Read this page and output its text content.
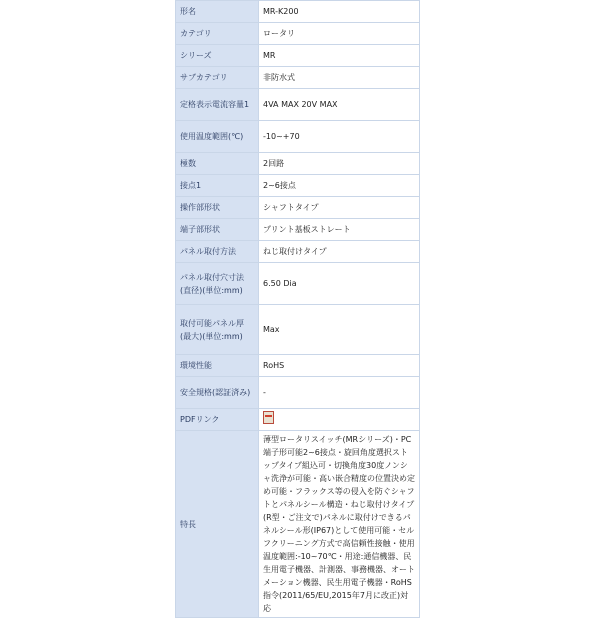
形名	MR-K200
カテゴリ	ロータリ
シリーズ	MR
サブカテゴリ	非防水式
定格表示電流容量1	4VA MAX 20V MAX
使用温度範囲(℃)	-10~+70
極数	2回路
接点1	2~6接点
操作部形状	シャフトタイプ
端子部形状	プリント基板ストレート
パネル取付方法	ねじ取付けタイプ
パネル取付穴寸法(直径)(単位:mm)	6.50 Dia
取付可能パネル厚(最大)(単位:mm)	Max
環境性能	RoHS
安全規格(認証済み)	-
PDFリンク	
特長	薄型ロータリスイッチ(MRシリーズ)・PC端子形可能2~6接点・旋回角度選択ストップタイプ組込可・切換角度30度ノンシャ洗浄が可能・高い嵌合精度の位置決め定め可能・フラックス等の侵入を防ぐシャフトとパネルシール構造・ねじ取付けタイプ(R型・ご注文で)パネルに取付けできるパネルシール形(IP67)として使用可能・セルフクリーニング方式で高信頼性接触・使用温度範囲:-10~70℃・用途:通信機器、民生用電子機器、計測器、事務機器、オートメーション機器、民生用電子機器・RoHS指令(2011/65/EU,2015年7月に改正)対応
